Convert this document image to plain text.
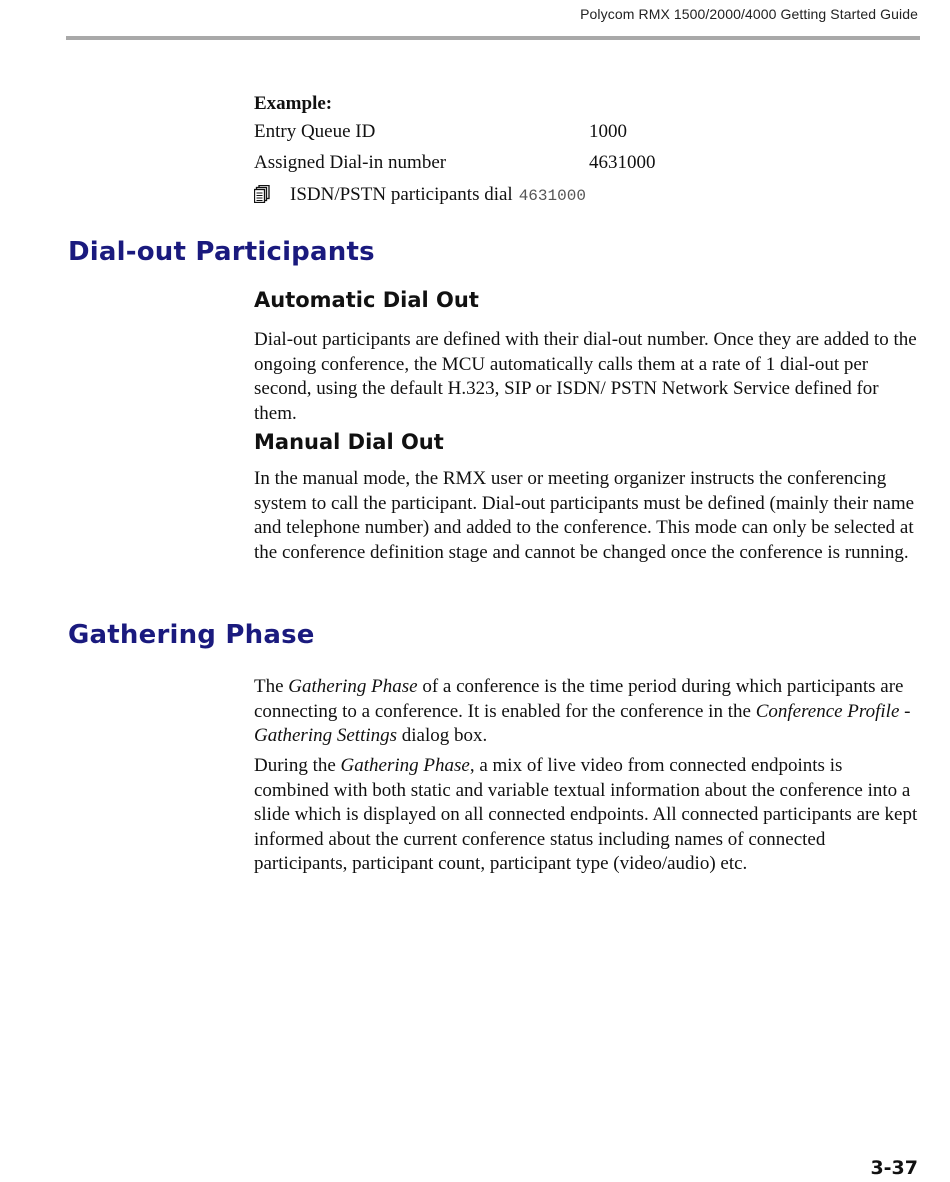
Polycom RMX 1500/2000/4000 Getting Started Guide
Example:
Entry Queue ID	1000
Assigned Dial-in number	4631000
ISDN/PSTN participants dial 4631000
Dial-out Participants
Automatic Dial Out

Dial-out participants are defined with their dial-out number. Once they are added to the ongoing conference, the MCU automatically calls them at a rate of 1 dial-out per second, using the default H.323, SIP or ISDN/ PSTN Network Service defined for them.

Manual Dial Out

In the manual mode, the RMX user or meeting organizer instructs the conferencing system to call the participant. Dial-out participants must be defined (mainly their name and telephone number) and added to the conference. This mode can only be selected at the conference definition stage and cannot be changed once the conference is running.

Gathering Phase

The Gathering Phase of a conference is the time period during which participants are connecting to a conference. It is enabled for the conference in the Conference Profile - Gathering Settings dialog box.

During the Gathering Phase, a mix of live video from connected endpoints is combined with both static and variable textual information about the conference into a slide which is displayed on all connected endpoints. All connected participants are kept informed about the current conference status including names of connected participants, participant count, participant type (video/audio) etc.

3-37
